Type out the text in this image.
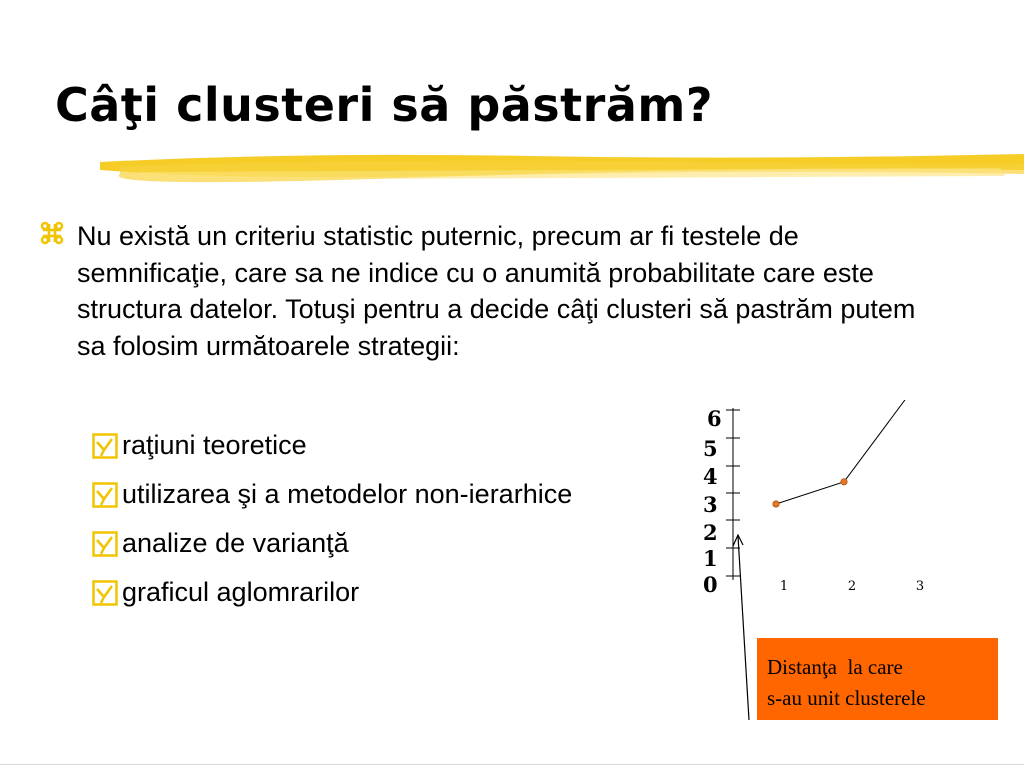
Câţi clusteri să păstrăm?
Nu există un criteriu statistic puternic, precum ar fi testele de semnificaţie, care sa ne indice cu o anumită probabilitate care este structura datelor. Totuşi pentru a decide câţi clusteri să pastrăm putem sa folosim următoarele strategii:
raţiuni teoretice
utilizarea şi a metodelor non-ierarhice
analize de varianţă
graficul aglomrarilor
6
5
4
3
2
1
0	1	2	3
Distanţa  la care
s-au unit clusterele
